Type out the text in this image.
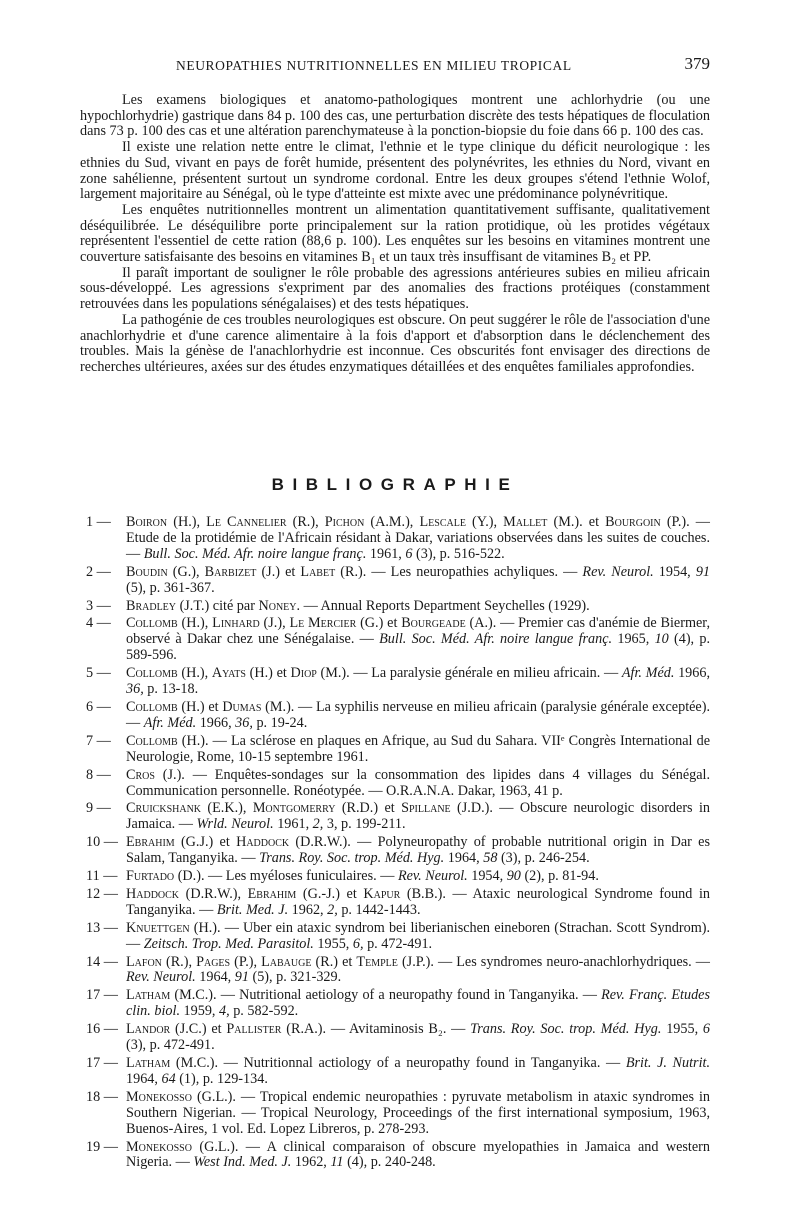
NEUROPATHIES NUTRITIONNELLES EN MILIEU TROPICAL	379

Les examens biologiques et anatomo-pathologiques montrent une achlorhydrie (ou une hypochlorhydrie) gastrique dans 84 p. 100 des cas, une perturbation discrète des tests hépatiques de floculation dans 73 p. 100 des cas et une altération parenchymateuse à la ponction-biopsie du foie dans 66 p. 100 des cas.

Il existe une relation nette entre le climat, l'ethnie et le type clinique du déficit neurologique : les ethnies du Sud, vivant en pays de forêt humide, présentent des polynévrites, les ethnies du Nord, vivant en zone sahélienne, présentent surtout un syndrome cordonal. Entre les deux groupes s'étend l'ethnie Wolof, largement majoritaire au Sénégal, où le type d'atteinte est mixte avec une prédominance polynévritique.

Les enquêtes nutritionnelles montrent un alimentation quantitativement suffisante, qualitativement déséquilibrée. Le déséquilibre porte principalement sur la ration protidique, où les protides végétaux représentent l'essentiel de cette ration (88,6 p. 100). Les enquêtes sur les besoins en vitamines montrent une couverture satisfaisante des besoins en vitamines B₁ et un taux très insuffisant de vitamines B₂ et PP.

Il paraît important de souligner le rôle probable des agressions antérieures subies en milieu africain sous-développé. Les agressions s'expriment par des anomalies des fractions protéiques (constamment retrouvées dans les populations sénégalaises) et des tests hépatiques.

La pathogénie de ces troubles neurologiques est obscure. On peut suggérer le rôle de l'association d'une anachlorhydrie et d'une carence alimentaire à la fois d'apport et d'absorption dans le déclenchement des troubles. Mais la génèse de l'anachlorhydrie est inconnue. Ces obscurités font envisager des directions de recherches ultérieures, axées sur des études enzymatiques détaillées et des enquêtes familiales approfondies.

BIBLIOGRAPHIE
1 —	Boiron (H.), Le Cannelier (R.), Pichon (A.M.), Lescale (Y.), Mallet (M.). et Bourgoin (P.). — Etude de la protidémie de l'Africain résidant à Dakar, variations observées dans les suites de couches. — Bull. Soc. Méd. Afr. noire langue franç. 1961, 6 (3), p. 516-522.
2 —	Boudin (G.), Barbizet (J.) et Labet (R.). — Les neuropathies achyliques. — Rev. Neurol. 1954, 91 (5), p. 361-367.
3 —	Bradley (J.T.) cité par Noney. — Annual Reports Department Seychelles (1929).
4 —	Collomb (H.), Linhard (J.), Le Mercier (G.) et Bourgeade (A.). — Premier cas d'anémie de Biermer, observé à Dakar chez une Sénégalaise. — Bull. Soc. Méd. Afr. noire langue franç. 1965, 10 (4), p. 589-596.
5 —	Collomb (H.), Ayats (H.) et Diop (M.). — La paralysie générale en milieu africain. — Afr. Méd. 1966, 36, p. 13-18.
6 —	Collomb (H.) et Dumas (M.). — La syphilis nerveuse en milieu africain (paralysie générale exceptée). — Afr. Méd. 1966, 36, p. 19-24.
7 —	Collomb (H.). — La sclérose en plaques en Afrique, au Sud du Sahara. VIIᵉ Congrès International de Neurologie, Rome, 10-15 septembre 1961.
8 —	Cros (J.). — Enquêtes-sondages sur la consommation des lipides dans 4 villages du Sénégal. Communication personnelle. Ronéotypée. — O.R.A.N.A. Dakar, 1963, 41 p.
9 —	Cruickshank (E.K.), Montgomerry (R.D.) et Spillane (J.D.). — Obscure neurologic disorders in Jamaica. — Wrld. Neurol. 1961, 2, 3, p. 199-211.
10 — Ebrahim (G.J.) et Haddock (D.R.W.). — Polyneuropathy of probable nutritional origin in Dar es Salam, Tanganyika. — Trans. Roy. Soc. trop. Méd. Hyg. 1964, 58 (3), p. 246-254.
11 — Furtado (D.). — Les myéloses funiculaires. — Rev. Neurol. 1954, 90 (2), p. 81-94.
12 — Haddock (D.R.W.), Ebrahim (G.-J.) et Kapur (B.B.). — Ataxic neurological Syndrome found in Tanganyika. — Brit. Med. J. 1962, 2, p. 1442-1443.
13 — Knuettgen (H.). — Uber ein ataxic syndrom bei liberianischen eineboren (Strachan. Scott Syndrom). — Zeitsch. Trop. Med. Parasitol. 1955, 6, p. 472-491.
14 — Lafon (R.), Pages (P.), Labauge (R.) et Temple (J.P.). — Les syndromes neuro-anachlorhydriques. — Rev. Neurol. 1964, 91 (5), p. 321-329.
17 — Latham (M.C.). — Nutritional aetiology of a neuropathy found in Tanganyika. — Rev. Franç. Etudes clin. biol. 1959, 4, p. 582-592.
16 — Landor (J.C.) et Pallister (R.A.). — Avitaminosis B₂. — Trans. Roy. Soc. trop. Méd. Hyg. 1955, 6 (3), p. 472-491.
17 — Latham (M.C.). — Nutritionnal actiology of a neuropathy found in Tanganyika. — Brit. J. Nutrit. 1964, 64 (1), p. 129-134.
18 — Monekosso (G.L.). — Tropical endemic neuropathies : pyruvate metabolism in ataxic syndromes in Southern Nigerian. — Tropical Neurology, Proceedings of the first international symposium, 1963, Buenos-Aires, 1 vol. Ed. Lopez Libreros, p. 278-293.
19 — Monekosso (G.L.). — A clinical comparaison of obscure myelopathies in Jamaica and western Nigeria. — West Ind. Med. J. 1962, 11 (4), p. 240-248.
